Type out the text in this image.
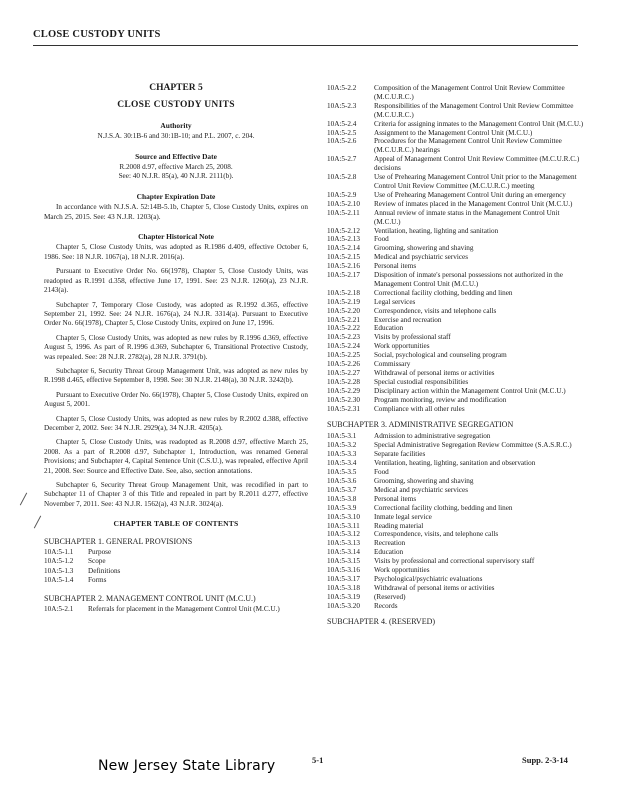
CLOSE CUSTODY UNITS
CHAPTER 5
CLOSE CUSTODY UNITS
Authority
N.J.S.A. 30:1B-6 and 30:1B-10; and P.L. 2007, c. 204.
Source and Effective Date
R.2008 d.97, effective March 25, 2008.
See: 40 N.J.R. 85(a), 40 N.J.R. 2111(b).
Chapter Expiration Date

In accordance with N.J.S.A. 52:14B-5.1b, Chapter 5, Close Custody Units, expires on March 25, 2015. See: 43 N.J.R. 1203(a).

Chapter Historical Note

Chapter 5, Close Custody Units, was adopted as R.1986 d.409, effective October 6, 1986. See: 18 N.J.R. 1067(a), 18 N.J.R. 2016(a).

Pursuant to Executive Order No. 66(1978), Chapter 5, Close Custody Units, was readopted as R.1991 d.358, effective June 17, 1991. See: 23 N.J.R. 1260(a), 23 N.J.R. 2143(a).

Subchapter 7, Temporary Close Custody, was adopted as R.1992 d.365, effective September 21, 1992. See: 24 N.J.R. 1676(a), 24 N.J.R. 3314(a). Pursuant to Executive Order No. 66(1978), Chapter 5, Close Custody Units, expired on June 17, 1996.

Chapter 5, Close Custody Units, was adopted as new rules by R.1996 d.369, effective August 5, 1996. As part of R.1996 d.369, Subchapter 6, Transitional Protective Custody, was repealed. See: 28 N.J.R. 2782(a), 28 N.J.R. 3791(b).

Subchapter 6, Security Threat Group Management Unit, was adopted as new rules by R.1998 d.465, effective September 8, 1998. See: 30 N.J.R. 2148(a), 30 N.J.R. 3242(b).

Pursuant to Executive Order No. 66(1978), Chapter 5, Close Custody Units, expired on August 5, 2001.

Chapter 5, Close Custody Units, was adopted as new rules by R.2002 d.388, effective December 2, 2002. See: 34 N.J.R. 2929(a), 34 N.J.R. 4205(a).

Chapter 5, Close Custody Units, was readopted as R.2008 d.97, effective March 25, 2008. As a part of R.2008 d.97, Subchapter 1, Introduction, was renamed General Provisions; and Subchapter 4, Capital Sentence Unit (C.S.U.), was repealed, effective April 21, 2008. See: Source and Effective Date. See, also, section annotations.

Subchapter 6, Security Threat Group Management Unit, was recodified in part to Subchapter 11 of Chapter 3 of this Title and repealed in part by R.2011 d.277, effective November 7, 2011. See: 43 N.J.R. 1562(a), 43 N.J.R. 3024(a).

CHAPTER TABLE OF CONTENTS
SUBCHAPTER 1. GENERAL PROVISIONS
10A:5-1.1	Purpose
10A:5-1.2	Scope
10A:5-1.3	Definitions
10A:5-1.4	Forms
SUBCHAPTER 2. MANAGEMENT CONTROL UNIT (M.C.U.)
10A:5-2.1	Referrals for placement in the Management Control Unit (M.C.U.)
10A:5-2.2	Composition of the Management Control Unit Review Committee (M.C.U.R.C.)
10A:5-2.3	Responsibilities of the Management Control Unit Review Committee (M.C.U.R.C.)
10A:5-2.4	Criteria for assigning inmates to the Management Control Unit (M.C.U.)
10A:5-2.5	Assignment to the Management Control Unit (M.C.U.)
10A:5-2.6	Procedures for the Management Control Unit Review Committee (M.C.U.R.C.) hearings
10A:5-2.7	Appeal of Management Control Unit Review Committee (M.C.U.R.C.) decisions
10A:5-2.8	Use of Prehearing Management Control Unit prior to the Management Control Unit Review Committee (M.C.U.R.C.) meeting
10A:5-2.9	Use of Prehearing Management Control Unit during an emergency
10A:5-2.10	Review of inmates placed in the Management Control Unit (M.C.U.)
10A:5-2.11	Annual review of inmate status in the Management Control Unit (M.C.U.)
10A:5-2.12	Ventilation, heating, lighting and sanitation
10A:5-2.13	Food
10A:5-2.14	Grooming, showering and shaving
10A:5-2.15	Medical and psychiatric services
10A:5-2.16	Personal items
10A:5-2.17	Disposition of inmate's personal possessions not authorized in the Management Control Unit (M.C.U.)
10A:5-2.18	Correctional facility clothing, bedding and linen
10A:5-2.19	Legal services
10A:5-2.20	Correspondence, visits and telephone calls
10A:5-2.21	Exercise and recreation
10A:5-2.22	Education
10A:5-2.23	Visits by professional staff
10A:5-2.24	Work opportunities
10A:5-2.25	Social, psychological and counseling program
10A:5-2.26	Commissary
10A:5-2.27	Withdrawal of personal items or activities
10A:5-2.28	Special custodial responsibilities
10A:5-2.29	Disciplinary action within the Management Control Unit (M.C.U.)
10A:5-2.30	Program monitoring, review and modification
10A:5-2.31	Compliance with all other rules
SUBCHAPTER 3. ADMINISTRATIVE SEGREGATION
10A:5-3.1	Admission to administrative segregation
10A:5-3.2	Special Administrative Segregation Review Committee (S.A.S.R.C.)
10A:5-3.3	Separate facilities
10A:5-3.4	Ventilation, heating, lighting, sanitation and observation
10A:5-3.5	Food
10A:5-3.6	Grooming, showering and shaving
10A:5-3.7	Medical and psychiatric services
10A:5-3.8	Personal items
10A:5-3.9	Correctional facility clothing, bedding and linen
10A:5-3.10	Inmate legal service
10A:5-3.11	Reading material
10A:5-3.12	Correspondence, visits, and telephone calls
10A:5-3.13	Recreation
10A:5-3.14	Education
10A:5-3.15	Visits by professional and correctional supervisory staff
10A:5-3.16	Work opportunities
10A:5-3.17	Psychological/psychiatric evaluations
10A:5-3.18	Withdrawal of personal items or activities
10A:5-3.19	(Reserved)
10A:5-3.20	Records
SUBCHAPTER 4. (RESERVED)
New Jersey State Library	5-1	Supp. 2-3-14
